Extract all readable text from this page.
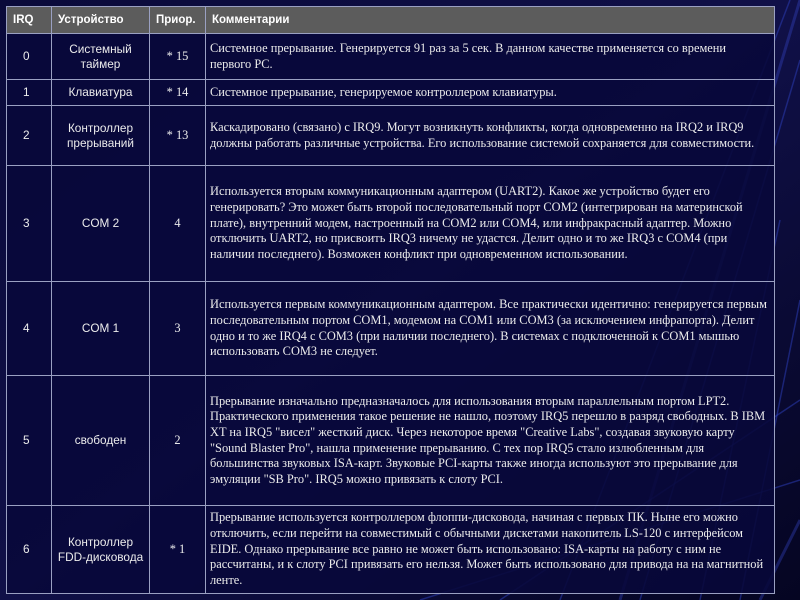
IRQ	Устройство	Приор.	Комментарии
0	Системный таймер	* 15	Системное прерывание. Генерируется 91 раз за 5 сек. В данном качестве применяется со времени первого PC.
1	Клавиатура	* 14	Системное прерывание, генерируемое контроллером клавиатуры.
2	Контроллер прерываний	* 13	Каскадировано (связано) с IRQ9. Могут возникнуть конфликты, когда одновременно на IRQ2 и IRQ9 должны работать различные устройства. Его использование системой сохраняется для совместимости.
3	COM 2	4	Используется вторым коммуникационным адаптером (UART2). Какое же устройство будет его генерировать? Это может быть второй последовательный порт COM2 (интегрирован на материнской плате), внутренний модем, настроенный на COM2 или COM4, или инфракрасный адаптер. Можно отключить UART2, но присвоить IRQ3 ничему не удастся. Делит одно и то же IRQ3 с COM4 (при наличии последнего). Возможен конфликт при одновременном использовании.
4	COM 1	3	Используется первым коммуникационным адаптером. Все практически идентично: генерируется первым последовательным портом COM1, модемом на COM1 или COM3 (за исключением инфрапорта). Делит одно и то же IRQ4 с COM3 (при наличии последнего). В системах с подключенной к COM1 мышью использовать COM3 не следует.
5	свободен	2	Прерывание изначально предназначалось для использования вторым параллельным портом LPT2. Практического применения такое решение не нашло, поэтому IRQ5 перешло в разряд свободных. В IBM XT на IRQ5 "висел" жесткий диск. Через некоторое время "Creative Labs", создавая звуковую карту "Sound Blaster Pro", нашла применение прерыванию. С тех пор IRQ5 стало излюбленным для большинства звуковых ISA-карт. Звуковые PCI-карты также иногда используют это прерывание для эмуляции "SB Pro". IRQ5 можно привязать к слоту PCI.
6	Контроллер FDD-дисковода	* 1	Прерывание используется контроллером флоппи-дисковода, начиная с первых ПК. Ныне его можно отключить, если перейти на совместимый с обычными дискетами накопитель LS-120 с интерфейсом EIDE. Однако прерывание все равно не может быть использовано: ISA-карты на работу с ним не рассчитаны, и к слоту PCI привязать его нельзя. Может быть использовано для привода на на магнитной ленте.
